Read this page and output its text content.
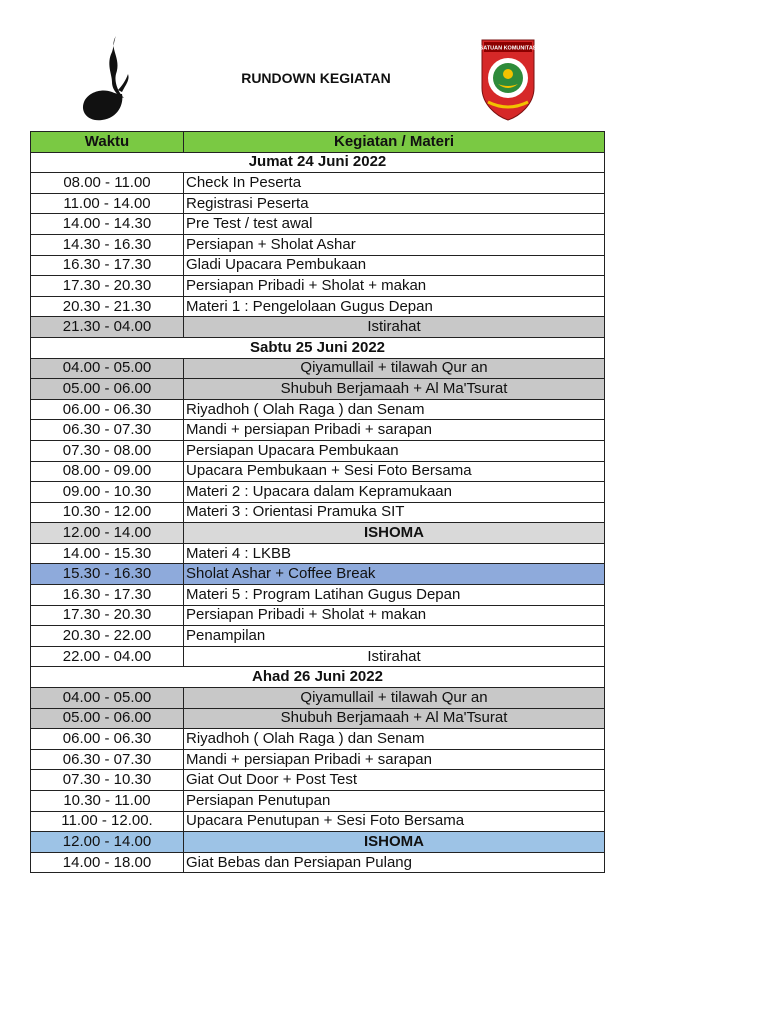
RUNDOWN KEGIATAN
SATUAN KOMUNITAS
Waktu	Kegiatan / Materi
Jumat 24 Juni 2022	
08.00 - 11.00	Check In Peserta
11.00 - 14.00	Registrasi Peserta
14.00 - 14.30	Pre Test / test awal
14.30 - 16.30	Persiapan + Sholat Ashar
16.30 - 17.30	Gladi Upacara Pembukaan
17.30 - 20.30	Persiapan Pribadi + Sholat + makan
20.30 - 21.30	Materi 1 : Pengelolaan Gugus Depan
21.30 - 04.00	Istirahat
Sabtu 25 Juni 2022	
04.00 - 05.00	Qiyamullail + tilawah Qur an
05.00 - 06.00	Shubuh Berjamaah + Al Ma'Tsurat
06.00 - 06.30	Riyadhoh ( Olah Raga ) dan Senam
06.30 - 07.30	Mandi + persiapan Pribadi + sarapan
07.30 - 08.00	Persiapan Upacara Pembukaan
08.00 - 09.00	Upacara Pembukaan + Sesi Foto Bersama
09.00 - 10.30	Materi 2 : Upacara dalam Kepramukaan
10.30 - 12.00	Materi 3 : Orientasi Pramuka SIT
12.00 - 14.00	ISHOMA
14.00 - 15.30	Materi 4 : LKBB
15.30 - 16.30	Sholat Ashar + Coffee Break
16.30 - 17.30	Materi 5 : Program Latihan Gugus Depan
17.30 - 20.30	Persiapan Pribadi + Sholat + makan
20.30 - 22.00	Penampilan
22.00 - 04.00	Istirahat
Ahad 26 Juni 2022	
04.00 - 05.00	Qiyamullail + tilawah Qur an
05.00 - 06.00	Shubuh Berjamaah + Al Ma'Tsurat
06.00 - 06.30	Riyadhoh ( Olah Raga ) dan Senam
06.30 - 07.30	Mandi + persiapan Pribadi + sarapan
07.30 - 10.30	Giat Out Door + Post Test
10.30 - 11.00	Persiapan Penutupan
11.00 - 12.00.	Upacara Penutupan + Sesi Foto Bersama
12.00 - 14.00	ISHOMA
14.00 - 18.00	Giat Bebas dan Persiapan Pulang
